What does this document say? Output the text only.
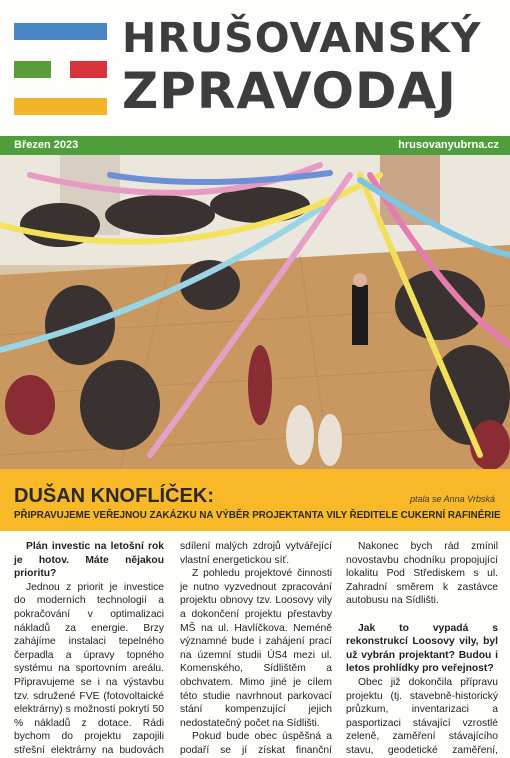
HRUŠOVANSKÝ
ZPRAVODAJ
Březen 2023	hrusovanyubrna.cz
ptala se Anna Vrbská
DUŠAN KNOFLÍČEK:
PŘIPRAVUJEME VEŘEJNOU ZAKÁZKU NA VÝBĚR PROJEKTANTA VILY ŘEDITELE CUKERNÍ RAFINÉRIE

Plán investic na letošní rok je hotov. Máte nějakou prioritu?

Jednou z priorit je investice do moderních technologií a pokračování v optimalizaci nákladů za energie. Brzy zahájíme instalaci tepelného čerpadla a úpravy topného systému na sportovním areálu. Připravujeme se i na výstavbu tzv. sdružené FVE (fotovoltaické elektrárny) s možností pokrytí 50 % nákladů z dotace. Rádi bychom do projektu zapojili střešní elektrárny na budovách

sdílení malých zdrojů vytvářející vlastní energetickou síť.

Z pohledu projektové činnosti je nutno vyzvednout zpracování projektu obnovy tzv. Loosovy vily a dokončení projektu přestavby MŠ na ul. Havlíčkova. Neméně významné bude i zahájení prací na územní studii ÚS4 mezi ul. Komenského, Sídlištěm a obchvatem. Mimo jiné je cílem této studie navrhnout parkovací stání kompenzující jejich nedostatečný počet na Sídlišti.

Pokud bude obec úspěšná a podaří se jí získat finanční

Nakonec bych rád zmínil novostavbu chodníku propojující lokalitu Pod Střediskem s ul. Zahradní směrem k zastávce autobusu na Sídlišti.

Jak to vypadá s rekonstrukcí Loosovy vily, byl už vybrán projektant? Budou i letos prohlídky pro veřejnost?

Obec již dokončila přípravu projektu (tj. stavebně-historický průzkum, inventarizaci a pasportizaci stávající vzrostlé zeleně, zaměření stávajícího stavu, geodetické zaměření,
